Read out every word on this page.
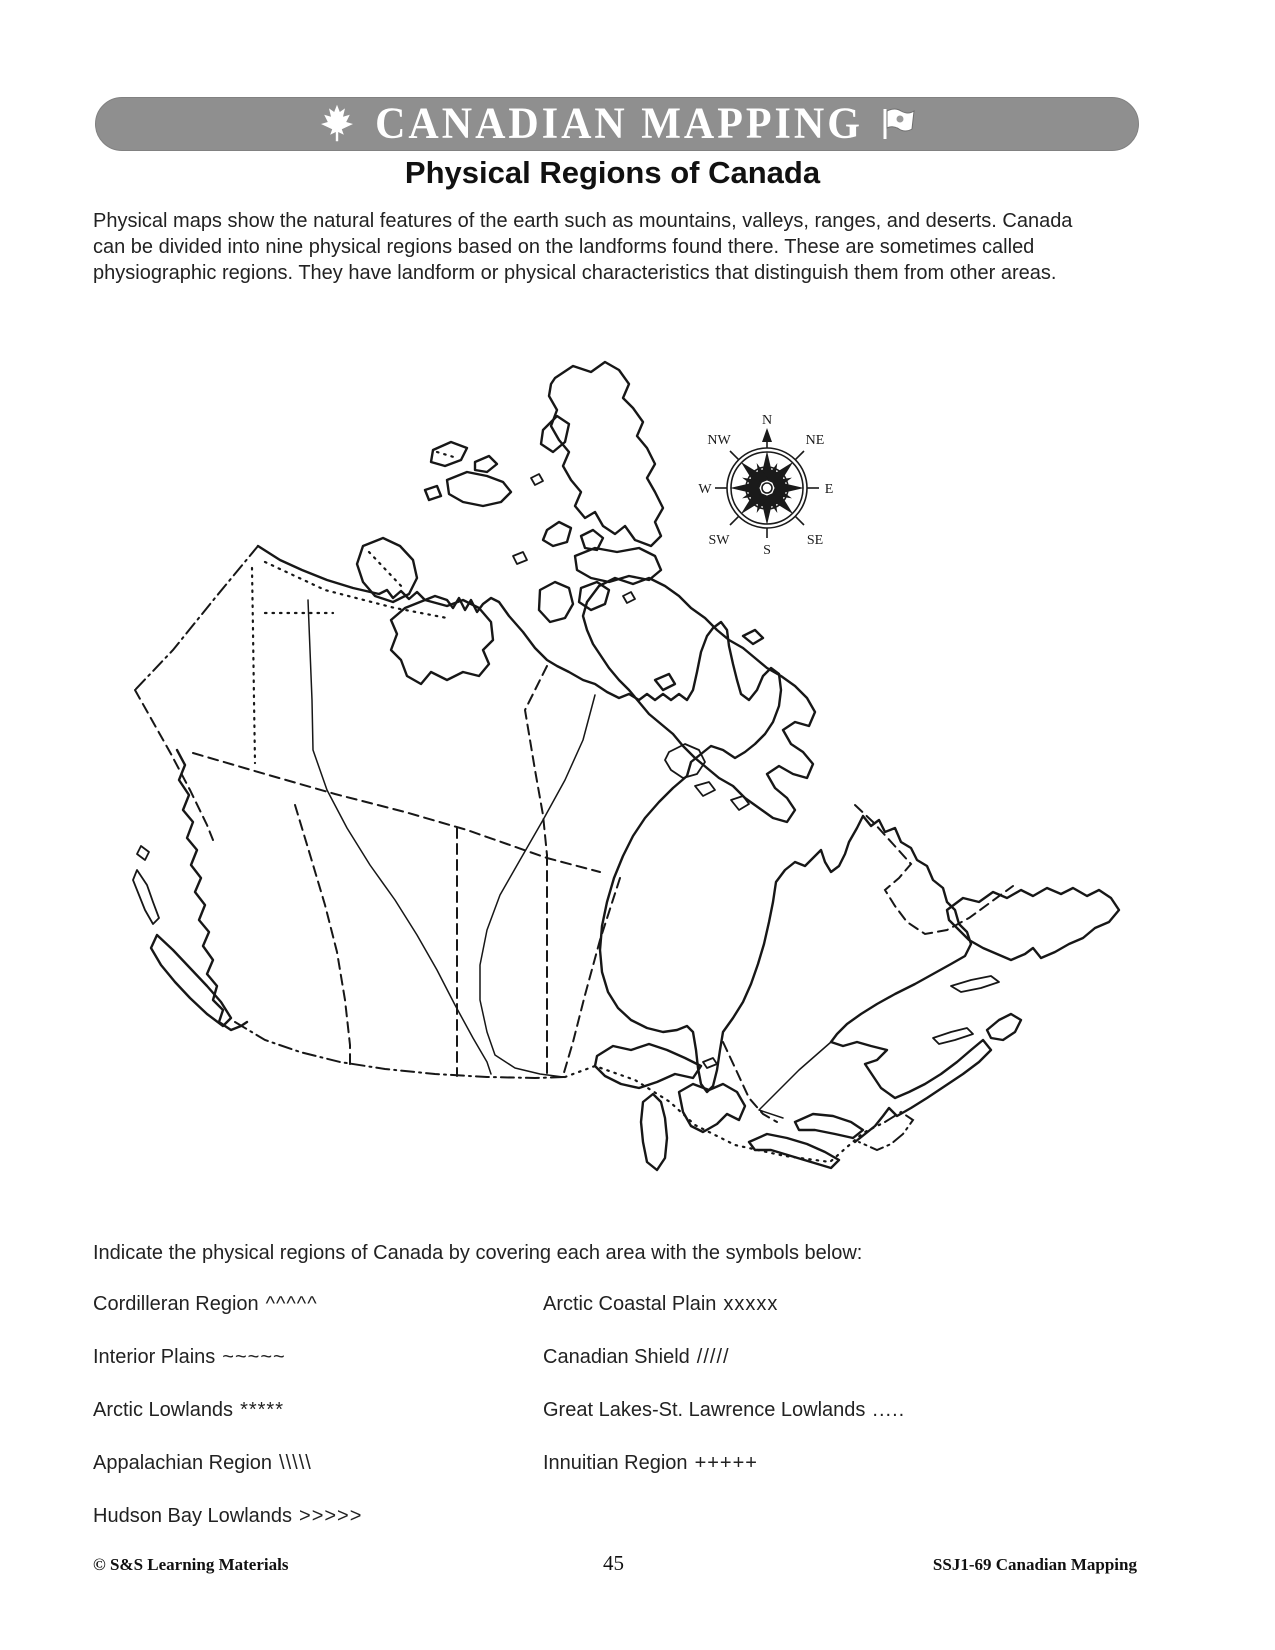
CANADIAN MAPPING
Physical Regions of Canada

Physical maps show the natural features of the earth such as mountains, valleys, ranges, and deserts. Canada can be divided into nine physical regions based on the landforms found there. These are sometimes called physiographic regions. They have landform or physical characteristics that distinguish them from other areas.

N
NE
E
SE
S
SW
W
NW

Indicate the physical regions of Canada by covering each area with the symbols below:

Cordilleran Region ^^^^^	Arctic Coastal Plain xxxxx
Interior Plains ~~~~~	Canadian Shield /////
Arctic Lowlands *****	Great Lakes-St. Lawrence Lowlands .....
Appalachian Region \\\\\	Innuitian Region +++++
Hudson Bay Lowlands >>>>>
© S&S Learning Materials	45	SSJ1-69 Canadian Mapping
